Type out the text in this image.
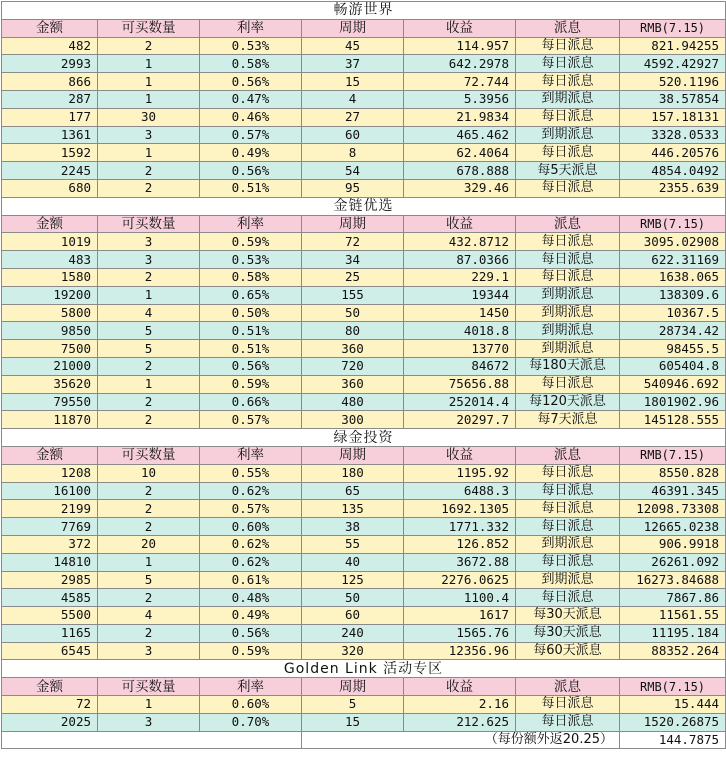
畅游世界						
金额	可买数量	利率	周期	收益	派息	RMB(7.15)
482	2	0.53%	45	114.957	每日派息	821.94255
2993	1	0.58%	37	642.2978	每日派息	4592.42927
866	1	0.56%	15	72.744	每日派息	520.1196
287	1	0.47%	4	5.3956	到期派息	38.57854
177	30	0.46%	27	21.9834	每日派息	157.18131
1361	3	0.57%	60	465.462	到期派息	3328.0533
1592	1	0.49%	8	62.4064	每日派息	446.20576
2245	2	0.56%	54	678.888	每5天派息	4854.0492
680	2	0.51%	95	329.46	每日派息	2355.639
金链优选						
金额	可买数量	利率	周期	收益	派息	RMB(7.15)
1019	3	0.59%	72	432.8712	每日派息	3095.02908
483	3	0.53%	34	87.0366	每日派息	622.31169
1580	2	0.58%	25	229.1	每日派息	1638.065
19200	1	0.65%	155	19344	到期派息	138309.6
5800	4	0.50%	50	1450	到期派息	10367.5
9850	5	0.51%	80	4018.8	到期派息	28734.42
7500	5	0.51%	360	13770	到期派息	98455.5
21000	2	0.56%	720	84672	每180天派息	605404.8
35620	1	0.59%	360	75656.88	每日派息	540946.692
79550	2	0.66%	480	252014.4	每120天派息	1801902.96
11870	2	0.57%	300	20297.7	每7天派息	145128.555
绿金投资						
金额	可买数量	利率	周期	收益	派息	RMB(7.15)
1208	10	0.55%	180	1195.92	每日派息	8550.828
16100	2	0.62%	65	6488.3	每日派息	46391.345
2199	2	0.57%	135	1692.1305	每日派息	12098.73308
7769	2	0.60%	38	1771.332	每日派息	12665.0238
372	20	0.62%	55	126.852	到期派息	906.9918
14810	1	0.62%	40	3672.88	每日派息	26261.092
2985	5	0.61%	125	2276.0625	到期派息	16273.84688
4585	2	0.48%	50	1100.4	每日派息	7867.86
5500	4	0.49%	60	1617	每30天派息	11561.55
1165	2	0.56%	240	1565.76	每30天派息	11195.184
6545	3	0.59%	320	12356.96	每60天派息	88352.264
Golden Link 活动专区						
金额	可买数量	利率	周期	收益	派息	RMB(7.15)
72	1	0.60%	5	2.16	每日派息	15.444
2025	3	0.70%	15	212.625	每日派息	1520.26875
			（每份额外返20.25）			144.7875
